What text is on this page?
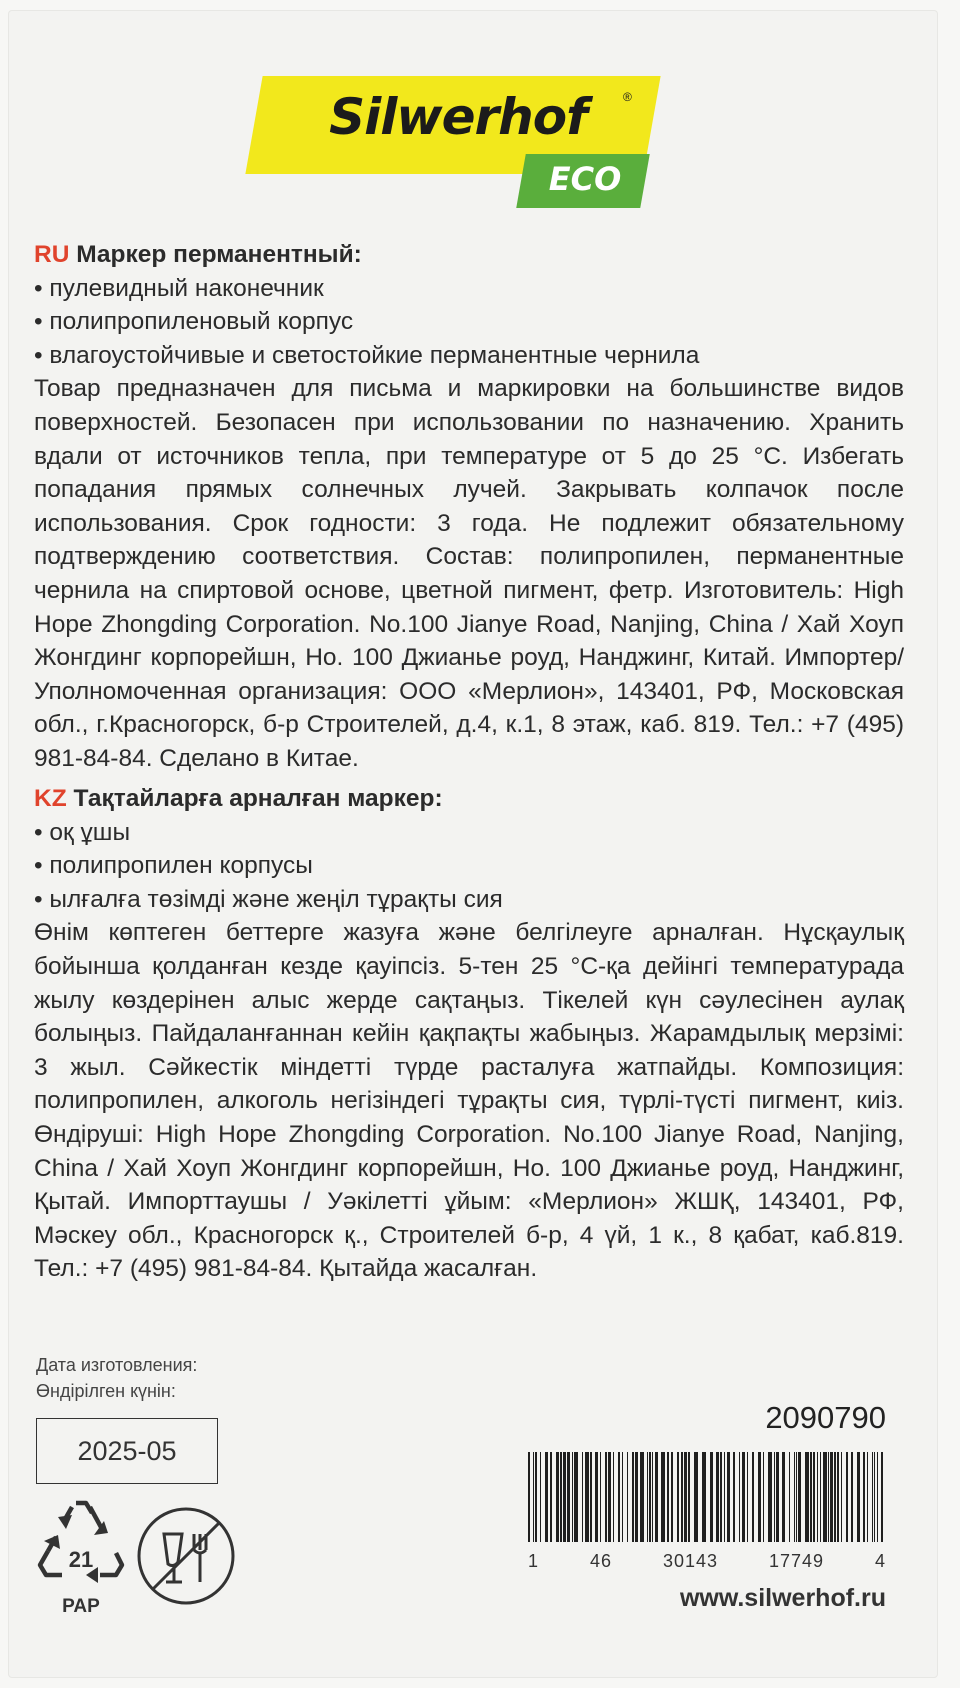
Silwerhof	®
ECO

RU Маркер перманентный:

• пулевидный наконечник

• полипропиленовый корпус

• влагоустойчивые и светостойкие перманентные чернила

Товар предназначен для письма и маркировки на большинстве видов поверхностей. Безопасен при использовании по назначению. Хранить вдали от источников тепла, при температуре от 5 до 25 °С. Избегать попадания прямых солнечных лучей. Закрывать колпачок после использования. Срок годности: 3 года. Не подлежит обязательному подтверждению соответствия. Состав: полипропилен, перманентные чернила на спиртовой основе, цветной пигмент, фетр. Изготовитель: High Hope Zhongding Corporation. No.100 Jianye Road, Nanjing, China / Хай Хоуп Жонгдинг корпорейшн, Но. 100 Джианье роуд, Нанджинг, Китай. Импортер/Уполномоченная организация: ООО «Мерлион», 143401, РФ, Московская обл., г.Красногорск, б-р Строителей, д.4, к.1, 8 этаж, каб. 819. Тел.: +7 (495) 981-84-84. Сделано в Китае.

KZ Тақтайларға арналған маркер:

• оқ ұшы

• полипропилен корпусы

• ылғалға төзімді және жеңіл тұрақты сия

Өнім көптеген беттерге жазуға және белгілеуге арналған. Нұсқаулық бойынша қолданған кезде қауіпсіз. 5-тен 25 °С-қа дейінгі температурада жылу көздерінен алыс жерде сақтаңыз. Тікелей күн сәулесінен аулақ болыңыз. Пайдаланғаннан кейін қақпақты жабыңыз. Жарамдылық мерзімі: 3 жыл. Сәйкестік міндетті түрде расталуға жатпайды. Композиция: полипропилен, алкоголь негізіндегі тұрақты сия, түрлі-түсті пигмент, киіз. Өндіруші: High Hope Zhongding Corporation. No.100 Jianye Road, Nanjing, China / Хай Хоуп Жонгдинг корпорейшн, Но. 100 Джианье роуд, Нанджинг, Қытай. Импорттаушы / Уәкілетті ұйым: «Мерлион» ЖШҚ, 143401, РФ, Мәскеу обл., Красногорск қ., Строителей б-р, 4 үй, 1 к., 8 қабат, каб.819. Тел.: +7 (495) 981-84-84. Қытайда жасалған.

Дата изготовления:
Өндірілген күнін:
2025-05
2090790
1	46	30143	17749	4
www.silwerhof.ru
21
PAP
